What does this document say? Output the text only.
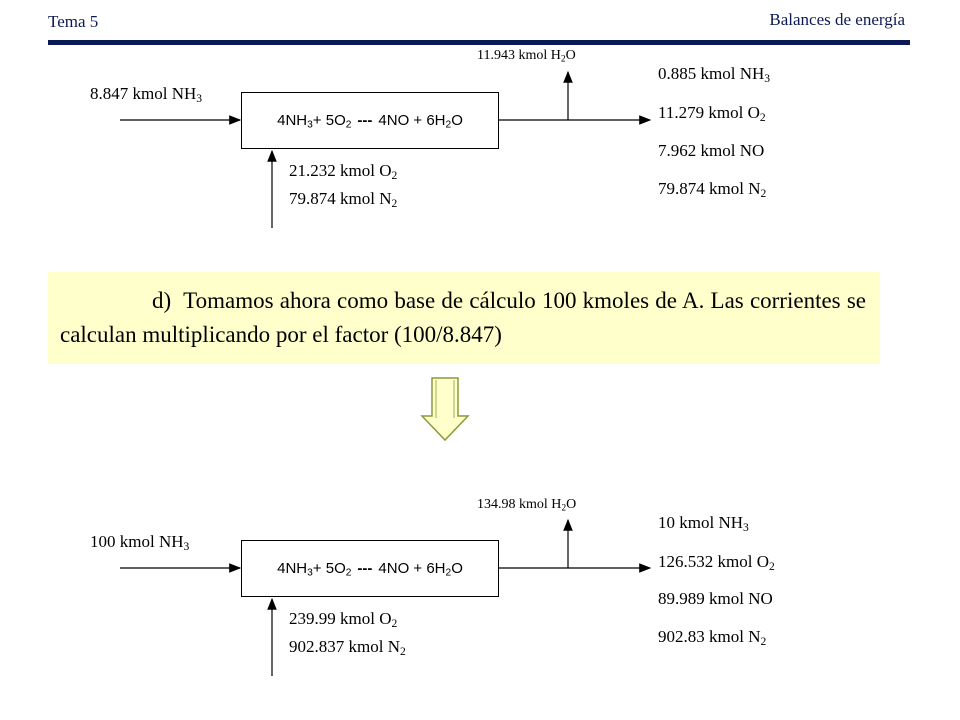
Tema 5	Balances de energía
$4NH_3+ 5O_2$ --- $4NO + 6H_2O$
8.847 kmol $NH_3$
21.232 kmol $O_2$
79.874 kmol $N_2$
11.943 kmol $H_2O$
0.885 kmol $NH_3$
11.279 kmol $O_2$
7.962 kmol NO
79.874 kmol $N_2$
d) Tomamos ahora como base de cálculo 100 kmoles de A. Las corrientes se calculan multiplicando por el factor (100/8.847)
$4NH_3+ 5O_2$ --- $4NO + 6H_2O$
100 kmol $NH_3$
239.99 kmol $O_2$
902.837 kmol $N_2$
134.98 kmol $H_2O$
10 kmol $NH_3$
126.532 kmol $O_2$
89.989 kmol NO
902.83 kmol $N_2$
